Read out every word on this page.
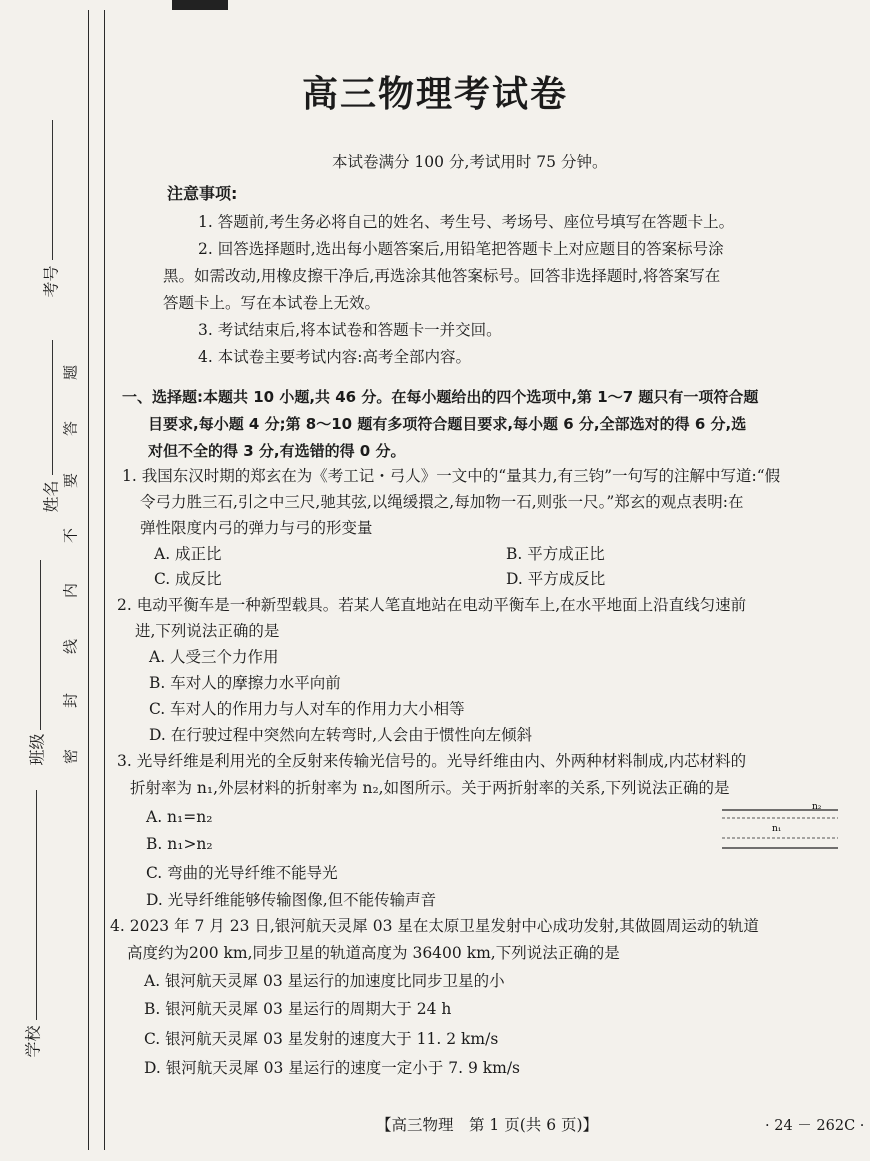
考号
姓名
班级
学校
密
封
线
内
不
要
答
题
高三物理考试卷
本试卷满分 100 分,考试用时 75 分钟。
注意事项:
1. 答题前,考生务必将自己的姓名、考生号、考场号、座位号填写在答题卡上。
2. 回答选择题时,选出每小题答案后,用铅笔把答题卡上对应题目的答案标号涂
黑。如需改动,用橡皮擦干净后,再选涂其他答案标号。回答非选择题时,将答案写在
答题卡上。写在本试卷上无效。
3. 考试结束后,将本试卷和答题卡一并交回。
4. 本试卷主要考试内容:高考全部内容。
一、选择题:本题共 10 小题,共 46 分。在每小题给出的四个选项中,第 1～7 题只有一项符合题
目要求,每小题 4 分;第 8～10 题有多项符合题目要求,每小题 6 分,全部选对的得 6 分,选
对但不全的得 3 分,有选错的得 0 分。
1. 我国东汉时期的郑玄在为《考工记・弓人》一文中的“量其力,有三钧”一句写的注解中写道:“假
令弓力胜三石,引之中三尺,驰其弦,以绳缓擐之,每加物一石,则张一尺。”郑玄的观点表明:在
弹性限度内弓的弹力与弓的形变量
A. 成正比	B. 平方成正比
C. 成反比	D. 平方成反比
2. 电动平衡车是一种新型载具。若某人笔直地站在电动平衡车上,在水平地面上沿直线匀速前
进,下列说法正确的是
A. 人受三个力作用
B. 车对人的摩擦力水平向前
C. 车对人的作用力与人对车的作用力大小相等
D. 在行驶过程中突然向左转弯时,人会由于惯性向左倾斜
3. 光导纤维是利用光的全反射来传输光信号的。光导纤维由内、外两种材料制成,内芯材料的
折射率为 n₁,外层材料的折射率为 n₂,如图所示。关于两折射率的关系,下列说法正确的是
A. n₁=n₂
B. n₁>n₂
C. 弯曲的光导纤维不能导光
D. 光导纤维能够传输图像,但不能传输声音
n₂
n₁
4. 2023 年 7 月 23 日,银河航天灵犀 03 星在太原卫星发射中心成功发射,其做圆周运动的轨道
高度约为200 km,同步卫星的轨道高度为 36400 km,下列说法正确的是
A. 银河航天灵犀 03 星运行的加速度比同步卫星的小
B. 银河航天灵犀 03 星运行的周期大于 24 h
C. 银河航天灵犀 03 星发射的速度大于 11. 2 km/s
D. 银河航天灵犀 03 星运行的速度一定小于 7. 9 km/s
【高三物理　第 1 页(共 6 页)】	· 24 － 262C ·
